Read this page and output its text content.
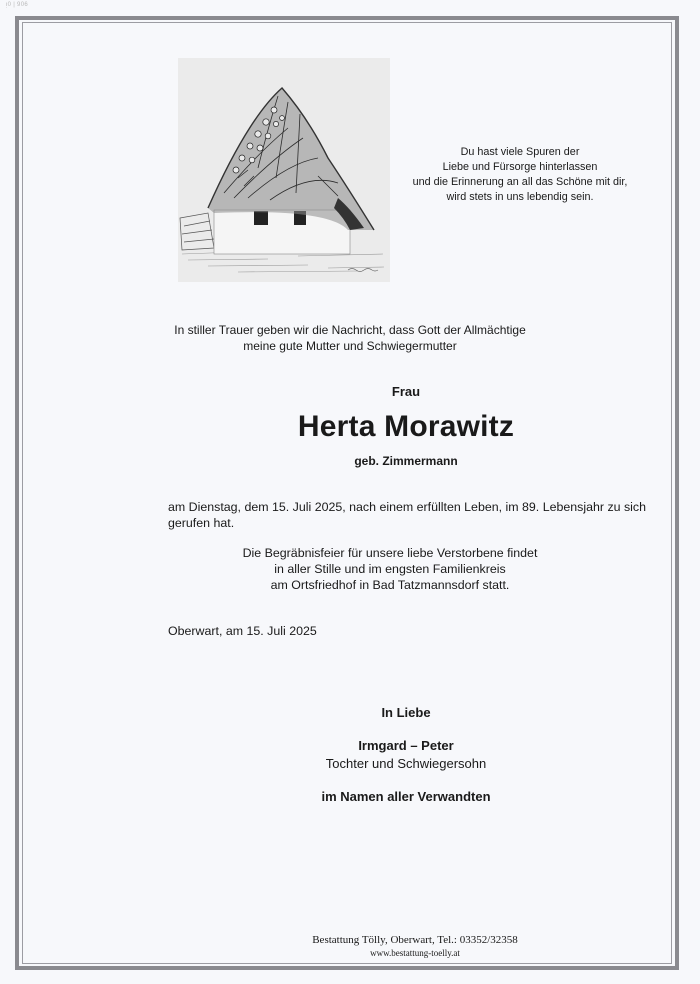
ᴉ0 | 906
Du hast viele Spuren der
Liebe und Fürsorge hinterlassen
und die Erinnerung an all das Schöne mit dir,
wird stets in uns lebendig sein.
In stiller Trauer geben wir die Nachricht, dass Gott der Allmächtige
meine gute Mutter und Schwiegermutter
Frau
Herta Morawitz
geb. Zimmermann
am Dienstag, dem 15. Juli 2025, nach einem erfüllten Leben, im 89. Lebensjahr zu sich gerufen hat.
Die Begräbnisfeier für unsere liebe Verstorbene findet
in aller Stille und im engsten Familienkreis
am Ortsfriedhof in Bad Tatzmannsdorf statt.
Oberwart, am 15. Juli 2025
In Liebe
Irmgard – Peter
Tochter und Schwiegersohn
im Namen aller Verwandten
Bestattung Tölly, Oberwart, Tel.: 03352/32358
www.bestattung-toelly.at
